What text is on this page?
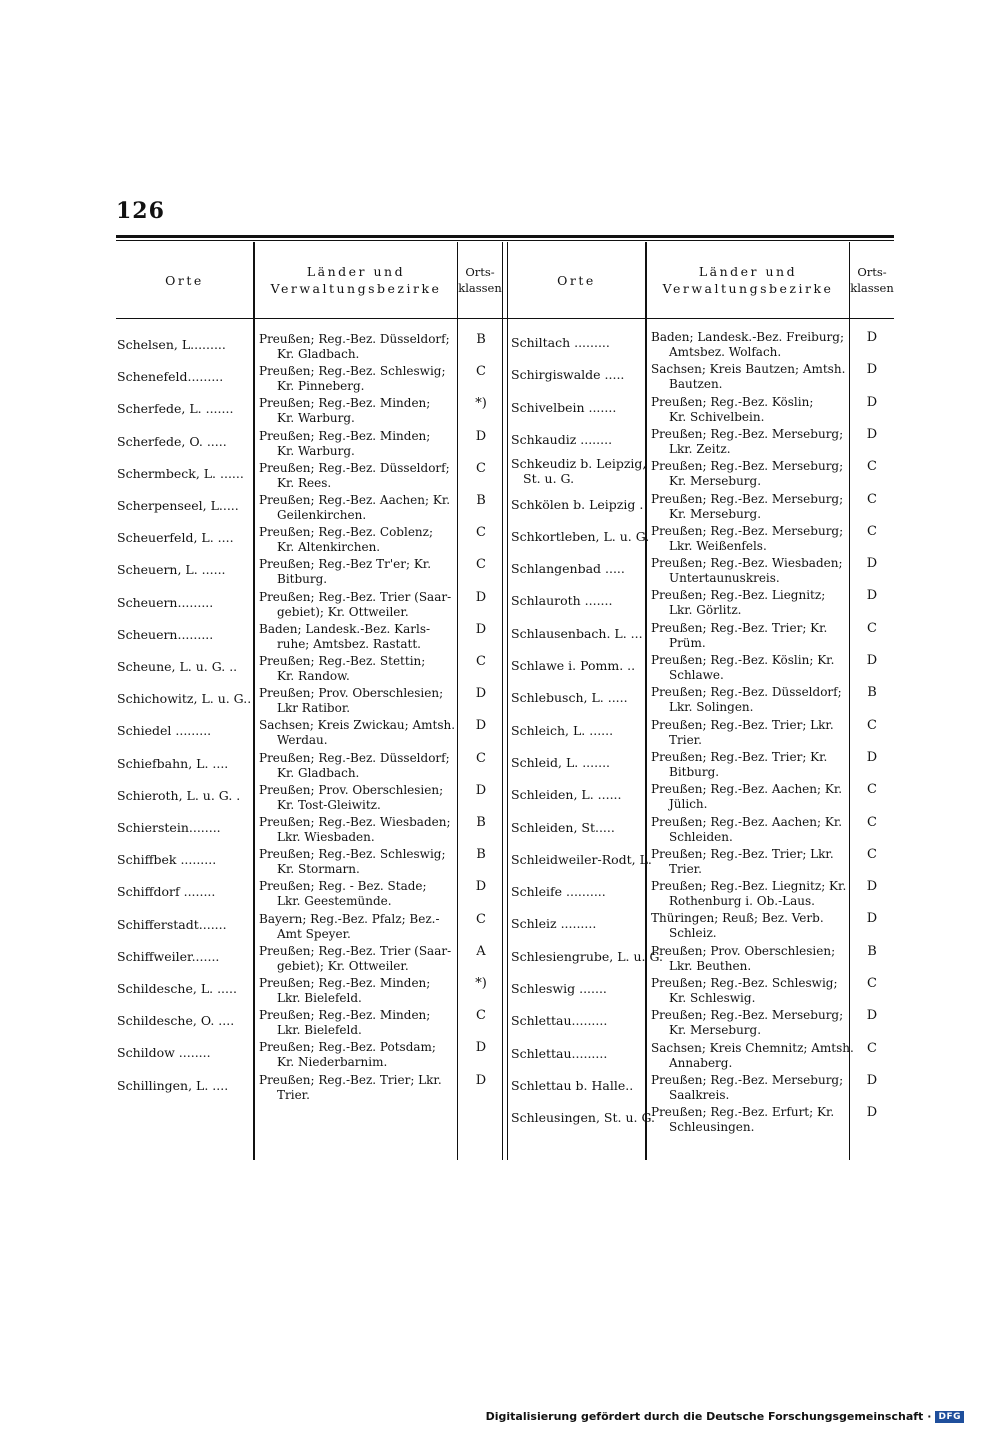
126
Orte
Länder und
Verwaltungsbezirke
Orts-
klassen
Orte
Länder und
Verwaltungsbezirke
Orts-
klassen
Schelsen, L.........	Preußen; Reg.-Bez. Düsseldorf;
Kr. Gladbach.
B
Schenefeld.........	Preußen; Reg.-Bez. Schleswig;
Kr. Pinneberg.
C
Scherfede, L. .......	Preußen; Reg.-Bez. Minden;
Kr. Warburg.
*)
Scherfede, O. .....	Preußen; Reg.-Bez. Minden;
Kr. Warburg.
D
Schermbeck, L. ......	Preußen; Reg.-Bez. Düsseldorf;
Kr. Rees.
C
Scherpenseel, L.....	Preußen; Reg.-Bez. Aachen; Kr.
Geilenkirchen.
B
Scheuerfeld, L. ....	Preußen; Reg.-Bez. Coblenz;
Kr. Altenkirchen.
C
Scheuern, L. ......	Preußen; Reg.-Bez Tr'er; Kr.
Bitburg.
C
Scheuern.........	Preußen; Reg.-Bez. Trier (Saar-
gebiet); Kr. Ottweiler.
D
Scheuern.........	Baden; Landesk.-Bez. Karls-
ruhe; Amtsbez. Rastatt.
D
Scheune, L. u. G. ..	Preußen; Reg.-Bez. Stettin;
Kr. Randow.
C
Schichowitz, L. u. G.. Preußen; Prov. Oberschlesien;
Lkr Ratibor.
D
Schiedel .........	Sachsen; Kreis Zwickau; Amtsh.
Werdau.
D
Schiefbahn, L. ....	Preußen; Reg.-Bez. Düsseldorf;
Kr. Gladbach.
C
Schieroth, L. u. G. .	Preußen; Prov. Oberschlesien;
Kr. Tost-Gleiwitz.
D
Schierstein........	Preußen; Reg.-Bez. Wiesbaden;
Lkr. Wiesbaden.
B
Schiffbek .........	Preußen; Reg.-Bez. Schleswig;
Kr. Stormarn.
B
Schiffdorf ........	Preußen; Reg. - Bez. Stade;
Lkr. Geestemünde.
D
Schifferstadt.......	Bayern; Reg.-Bez. Pfalz; Bez.-
Amt Speyer.
C
Schiffweiler.......	Preußen; Reg.-Bez. Trier (Saar-
gebiet); Kr. Ottweiler.
A
Schildesche, L. .....	Preußen; Reg.-Bez. Minden;
Lkr. Bielefeld.
*)
Schildesche, O. ....	Preußen; Reg.-Bez. Minden;
Lkr. Bielefeld.
C
Schildow ........	Preußen; Reg.-Bez. Potsdam;
Kr. Niederbarnim.
D
Schillingen, L. ....	Preußen; Reg.-Bez. Trier; Lkr.
Trier.
D
Schiltach .........	Baden; Landesk.-Bez. Freiburg;
Amtsbez. Wolfach.
D
Schirgiswalde .....	Sachsen; Kreis Bautzen; Amtsh.
Bautzen.
D
Schivelbein .......	Preußen; Reg.-Bez. Köslin;
Kr. Schivelbein.
D
Schkaudiz ........	Preußen; Reg.-Bez. Merseburg;
Lkr. Zeitz.
D
Schkeudiz b. Leipzig,
St. u. G.
Preußen; Reg.-Bez. Merseburg;
Kr. Merseburg.
C
Schkölen b. Leipzig . Preußen; Reg.-Bez. Merseburg;
Kr. Merseburg.
C
Schkortleben, L. u. G. Preußen; Reg.-Bez. Merseburg;
Lkr. Weißenfels.
C
Schlangenbad .....	Preußen; Reg.-Bez. Wiesbaden;
Untertaunuskreis.
D
Schlauroth .......	Preußen; Reg.-Bez. Liegnitz;
Lkr. Görlitz.
D
Schlausenbach. L. ... Preußen; Reg.-Bez. Trier; Kr.
Prüm.
C
Schlawe i. Pomm. ..	Preußen; Reg.-Bez. Köslin; Kr.
Schlawe.
D
Schlebusch, L. .....	Preußen; Reg.-Bez. Düsseldorf;
Lkr. Solingen.
B
Schleich, L. ......	Preußen; Reg.-Bez. Trier; Lkr.
Trier.
C
Schleid, L. .......	Preußen; Reg.-Bez. Trier; Kr.
Bitburg.
D
Schleiden, L. ......	Preußen; Reg.-Bez. Aachen; Kr.
Jülich.
C
Schleiden, St.....	Preußen; Reg.-Bez. Aachen; Kr.
Schleiden.
C
Schleidweiler-Rodt, L. Preußen; Reg.-Bez. Trier; Lkr.
Trier.
C
Schleife ..........	Preußen; Reg.-Bez. Liegnitz; Kr.
Rothenburg i. Ob.-Laus.
D
Schleiz .........	Thüringen; Reuß; Bez. Verb.
Schleiz.
D
Schlesiengrube, L. u. G.
Preußen; Prov. Oberschlesien;
Lkr. Beuthen.
B
Schleswig .......	Preußen; Reg.-Bez. Schleswig;
Kr. Schleswig.
C
Schlettau.........	Preußen; Reg.-Bez. Merseburg;
Kr. Merseburg.
D
Schlettau.........	Sachsen; Kreis Chemnitz; Amtsh.
Annaberg.
C
Schlettau b. Halle..	Preußen; Reg.-Bez. Merseburg;
Saalkreis.
D
Schleusingen, St. u. G.
Preußen; Reg.-Bez. Erfurt; Kr.
Schleusingen.
D
Digitalisierung gefördert durch die Deutsche Forschungsgemeinschaft · DFG
